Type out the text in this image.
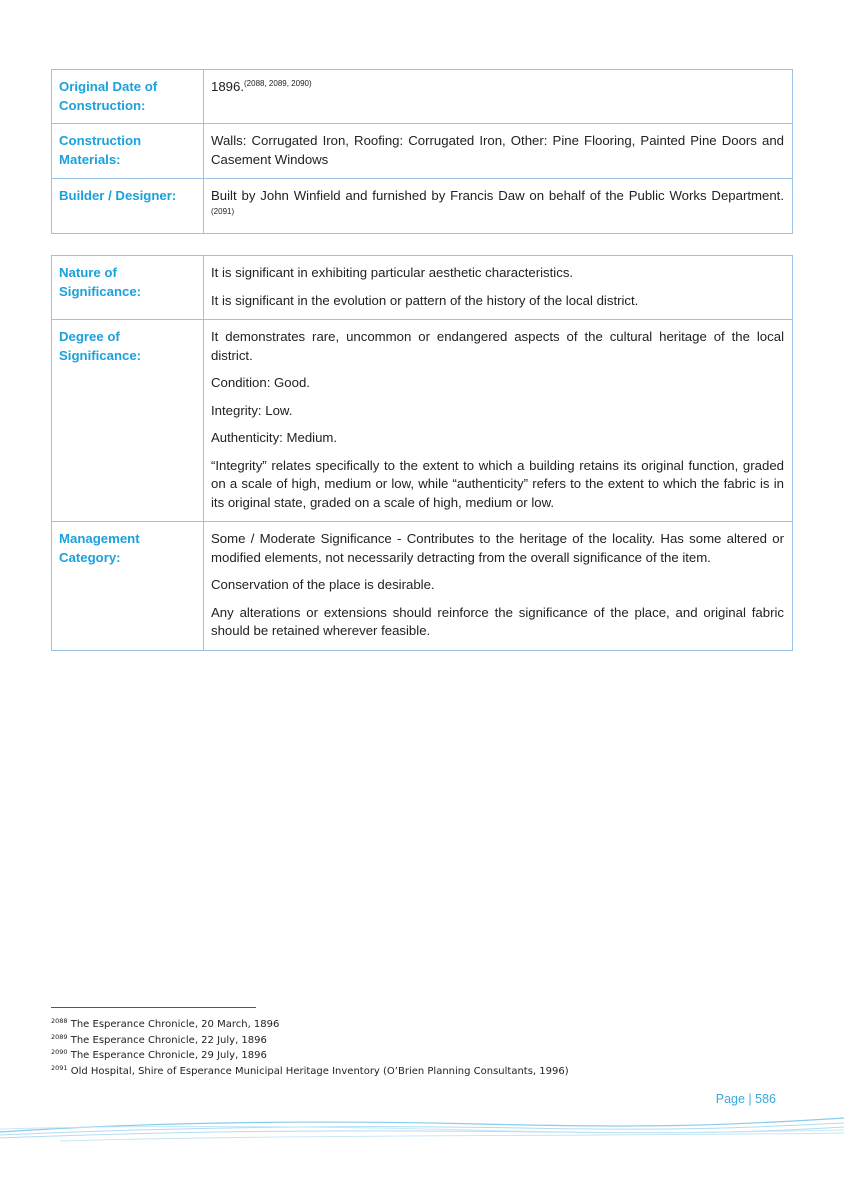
Original Date of Construction:	1896.$^{(2088, 2089, 2090)}$
Construction Materials:	Walls: Corrugated Iron, Roofing: Corrugated Iron, Other: Pine Flooring, Painted Pine Doors and Casement Windows
Builder / Designer:	Built by John Winfield and furnished by Francis Daw on behalf of the Public Works Department.$^{(2091)}$
Nature of Significance:	It is significant in exhibiting particular aesthetic characteristics.

It is significant in the evolution or pattern of the history of the local district.

Degree of Significance:	It demonstrates rare, uncommon or endangered aspects of the cultural heritage of the local district.

Condition: Good.

Integrity: Low.

Authenticity: Medium.

“Integrity” relates specifically to the extent to which a building retains its original function, graded on a scale of high, medium or low, while “authenticity” refers to the extent to which the fabric is in its original state, graded on a scale of high, medium or low.

Management Category:	Some / Moderate Significance - Contributes to the heritage of the locality. Has some altered or modified elements, not necessarily detracting from the overall significance of the item.

Conservation of the place is desirable.

Any alterations or extensions should reinforce the significance of the place, and original fabric should be retained wherever feasible.

$^{2088}$ The Esperance Chronicle, 20 March, 1896
$^{2089}$ The Esperance Chronicle, 22 July, 1896
$^{2090}$ The Esperance Chronicle, 29 July, 1896
$^{2091}$ Old Hospital, Shire of Esperance Municipal Heritage Inventory (O’Brien Planning Consultants, 1996)
Page | 586
